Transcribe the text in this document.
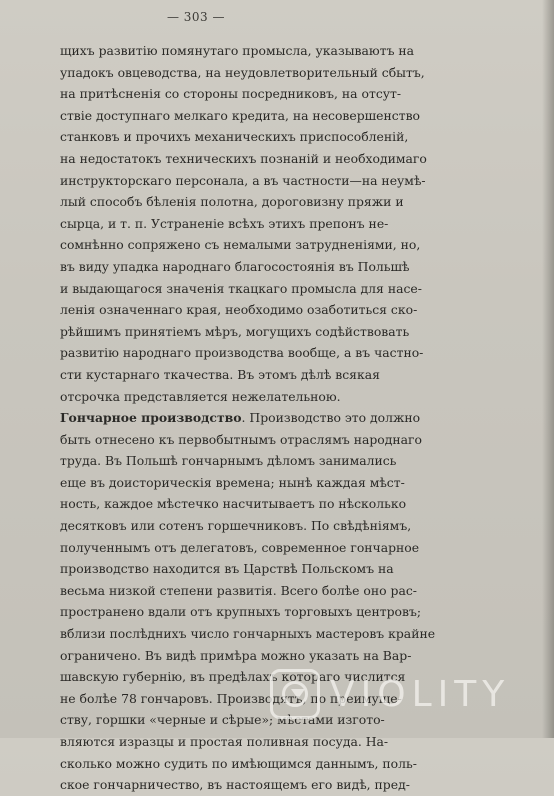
— 303 —
щихъ развитію помянутаго промысла, указываютъ на
упадокъ овцеводства, на неудовлетворительный сбытъ,
на притѣсненія со стороны посредниковъ, на отсут-
ствіе доступнаго мелкаго кредита, на несовершенство
станковъ и прочихъ механическихъ приспособленій,
на недостатокъ техническихъ познаній и необходимаго
инструкторскаго персонала, а въ частности—на неумѣ-
лый способъ бѣленія полотна, дороговизну пряжи и
сырца, и т. п. Устраненіе всѣхъ этихъ препонъ не-
сомнѣнно сопряжено съ немалыми затрудненіями, но,
въ виду упадка народнаго благосостоянія въ Польшѣ
и выдающагося значенія ткацкаго промысла для насе-
ленія означеннаго края, необходимо озаботиться ско-
рѣйшимъ принятіемъ мѣръ, могущихъ содѣйствовать
развитію народнаго производства вообще, а въ частно-
сти кустарнаго ткачества. Въ этомъ дѣлѣ всякая
отсрочка представляется нежелательною.
Гончарное производство. Производство это должно
быть отнесено къ первобытнымъ отраслямъ народнаго
труда. Въ Польшѣ гончарнымъ дѣломъ занимались
еще въ доисторическія времена; нынѣ каждая мѣст-
ность, каждое мѣстечко насчитываетъ по нѣсколько
десятковъ или сотенъ горшечниковъ. По свѣдѣніямъ,
полученнымъ отъ делегатовъ, современное гончарное
производство находится въ Царствѣ Польскомъ на
весьма низкой степени развитія. Всего болѣе оно рас-
пространено вдали отъ крупныхъ торговыхъ центровъ;
вблизи послѣднихъ число гончарныхъ мастеровъ крайне
ограничено. Въ видѣ примѣра можно указать на Вар-
шавскую губернію, въ предѣлахъ котораго числится
не болѣе 78 гончаровъ. Производятъ, по преимуще-
ству, горшки «черные и сѣрые»; мѣстами изгото-
вляются изразцы и простая поливная посуда. На-
сколько можно судить по имѣющимся даннымъ, поль-
ское гончарничество, въ настоящемъ его видѣ, пред-
VIOLITY
